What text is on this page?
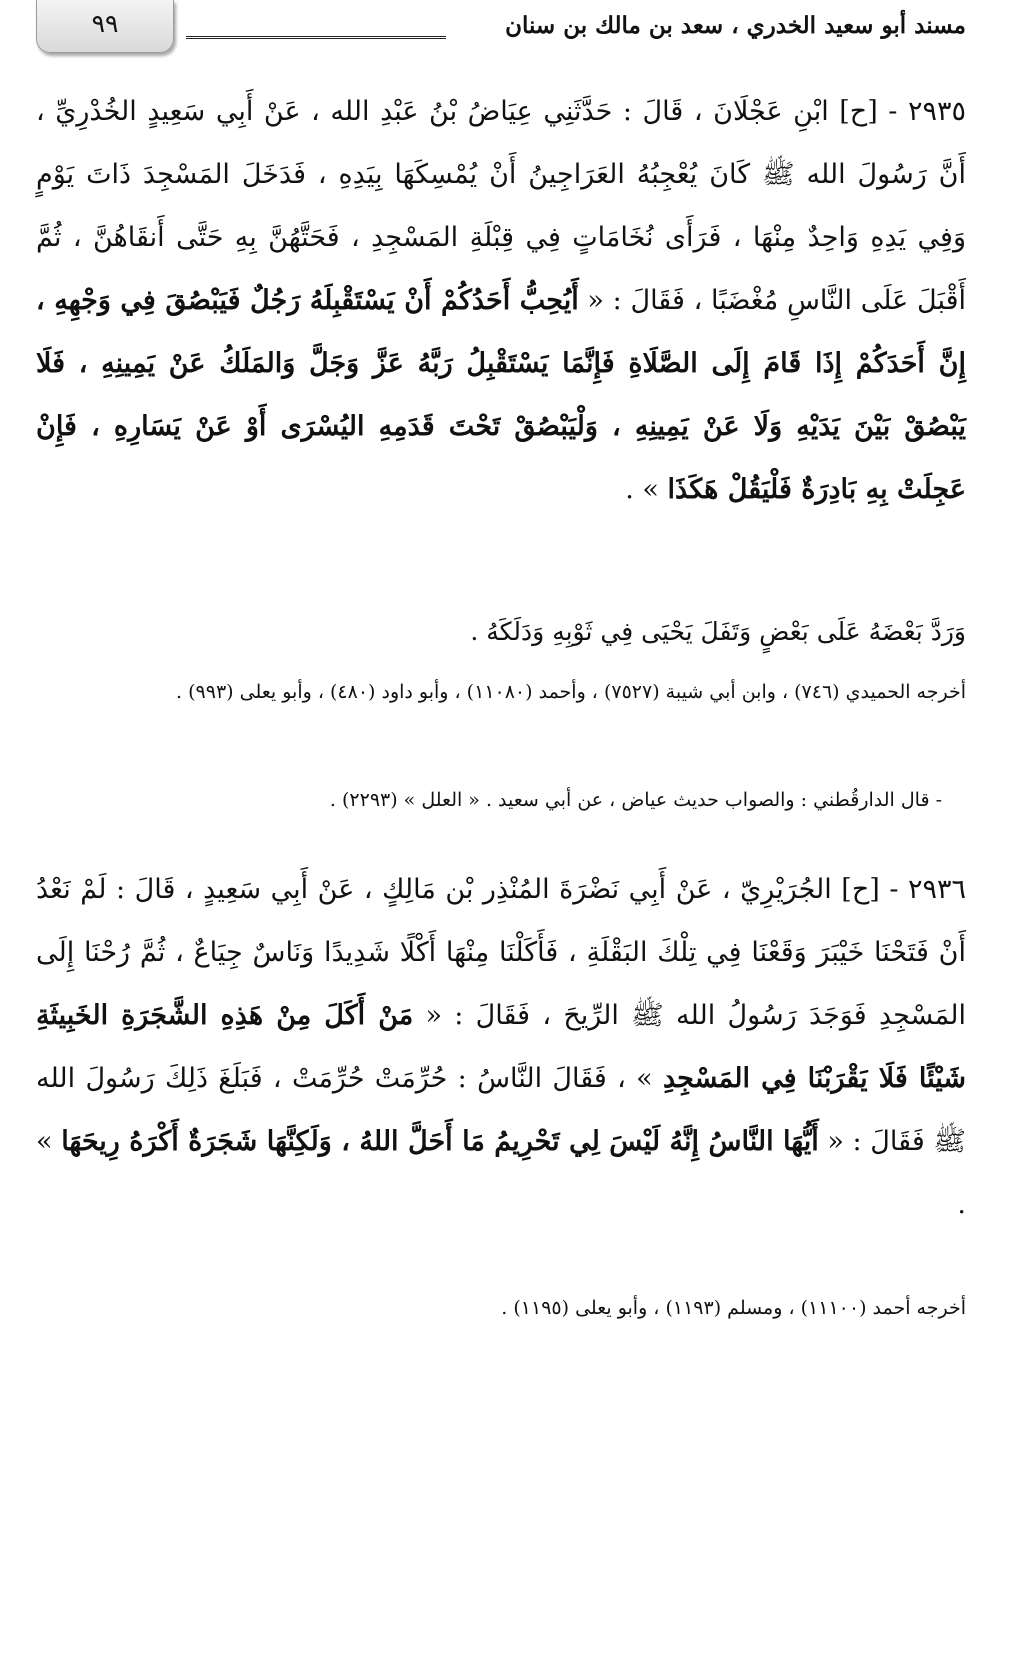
٩٩	مسند أبو سعيد الخدري ، سعد بن مالك بن سنان

٢٩٣٥ - [ح] ابْنِ عَجْلَانَ ، قَالَ : حَدَّثَنِي عِيَاضُ بْنُ عَبْدِ الله ، عَنْ أَبِي سَعِيدٍ الخُدْرِيِّ ، أَنَّ رَسُولَ الله ﷺ كَانَ يُعْجِبُهُ العَرَاجِينُ أَنْ يُمْسِكَهَا بِيَدِهِ ، فَدَخَلَ المَسْجِدَ ذَاتَ يَوْمٍ وَفِي يَدِهِ وَاحِدٌ مِنْهَا ، فَرَأَى نُخَامَاتٍ فِي قِبْلَةِ المَسْجِدِ ، فَحَتَّهُنَّ بِهِ حَتَّى أَنقَاهُنَّ ، ثُمَّ أَقْبَلَ عَلَى النَّاسِ مُغْضَبًا ، فَقَالَ : « أَيُحِبُّ أَحَدُكُمْ أَنْ يَسْتَقْبِلَهُ رَجُلٌ فَيَبْصُقَ فِي وَجْهِهِ ، إِنَّ أَحَدَكُمْ إِذَا قَامَ إِلَى الصَّلَاةِ فَإِنَّمَا يَسْتَقْبِلُ رَبَّهُ عَزَّ وَجَلَّ وَالمَلَكُ عَنْ يَمِينِهِ ، فَلَا يَبْصُقْ بَيْنَ يَدَيْهِ وَلَا عَنْ يَمِينِهِ ، وَلْيَبْصُقْ تَحْتَ قَدَمِهِ اليُسْرَى أَوْ عَنْ يَسَارِهِ ، فَإِنْ عَجِلَتْ بِهِ بَادِرَةٌ فَلْيَقُلْ هَكَذَا » .

وَرَدَّ بَعْضَهُ عَلَى بَعْضٍ وَتَفَلَ يَحْيَى فِي ثَوْبِهِ وَدَلَكَهُ .
أخرجه الحميدي (٧٤٦) ، وابن أبي شيبة (٧٥٢٧) ، وأحمد (١١٠٨٠) ، وأبو داود (٤٨٠) ، وأبو يعلى (٩٩٣) .
- قال الدارقُطني : والصواب حديث عياض ، عن أبي سعيد . « العلل » (٢٢٩٣) .

٢٩٣٦ - [ح] الجُرَيْرِيّ ، عَنْ أَبِي نَضْرَةَ المُنْذِر بْن مَالِكٍ ، عَنْ أَبِي سَعِيدٍ ، قَالَ : لَمْ نَعْدُ أَنْ فَتَحْنَا خَيْبَرَ وَقَعْنَا فِي تِلْكَ البَقْلَةِ ، فَأَكَلْنَا مِنْهَا أَكْلًا شَدِيدًا وَنَاسٌ جِيَاعٌ ، ثُمَّ رُحْنَا إِلَى المَسْجِدِ فَوَجَدَ رَسُولُ الله ﷺ الرِّيحَ ، فَقَالَ : « مَنْ أَكَلَ مِنْ هَذِهِ الشَّجَرَةِ الخَبِيثَةِ شَيْئًا فَلَا يَقْرَبْنَا فِي المَسْجِدِ » ، فَقَالَ النَّاسُ : حُرِّمَتْ حُرِّمَتْ ، فَبَلَغَ ذَلِكَ رَسُولَ الله ﷺ فَقَالَ : « أَيُّهَا النَّاسُ إِنَّهُ لَيْسَ لِي تَحْرِيمُ مَا أَحَلَّ اللهُ ، وَلَكِنَّهَا شَجَرَةٌ أَكْرَهُ رِيحَهَا » .

أخرجه أحمد (١١١٠٠) ، ومسلم (١١٩٣) ، وأبو يعلى (١١٩٥) .
